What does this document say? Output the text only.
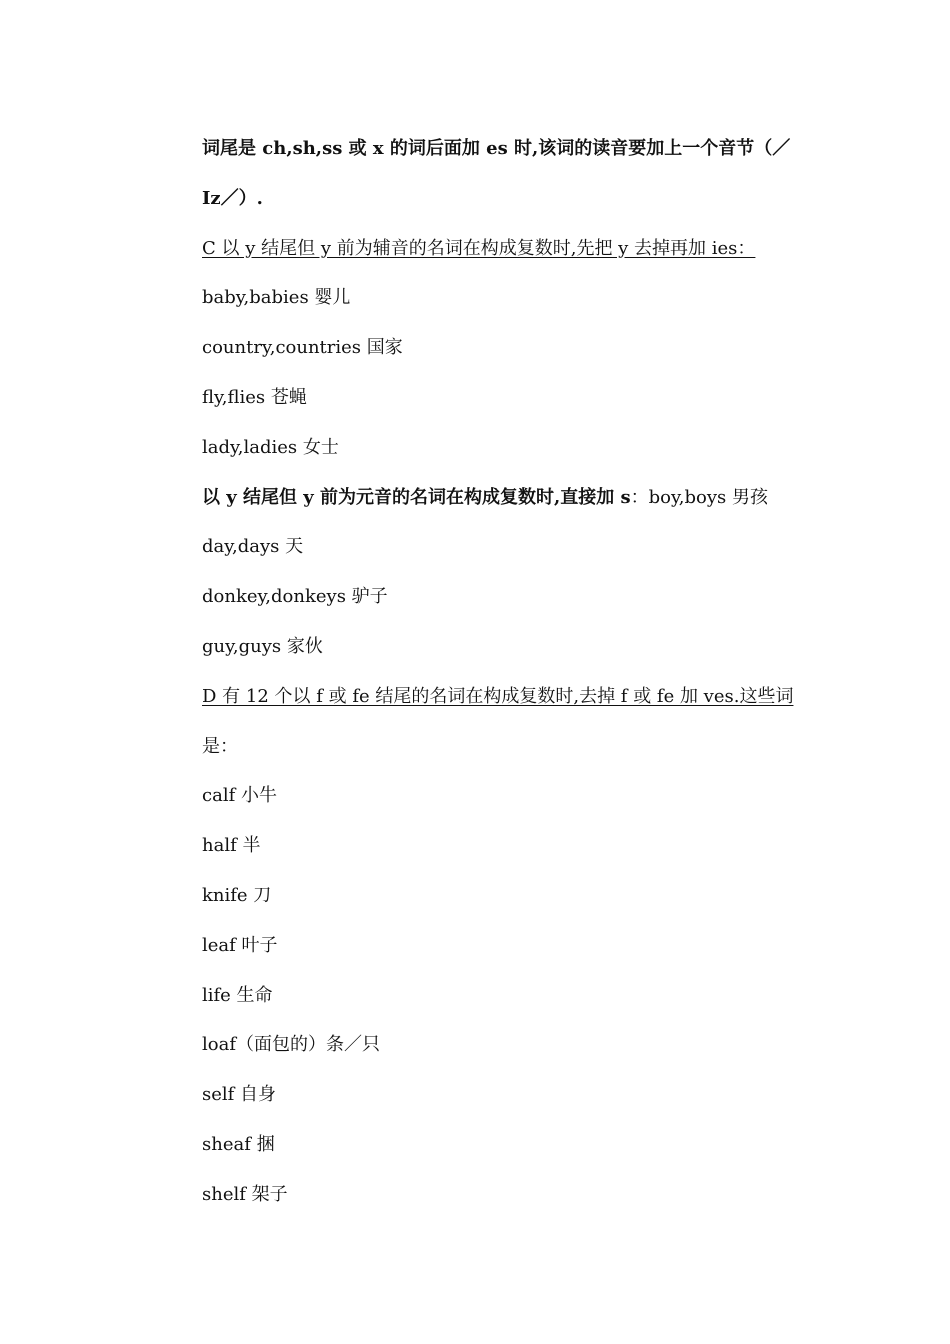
词尾是 ch,sh,ss 或 x 的词后面加 es 时,该词的读音要加上一个音节（／
Iz／）.
C 以 y 结尾但 y 前为辅音的名词在构成复数时,先把 y 去掉再加 ies：
baby,babies 婴儿
country,countries 国家
fly,flies 苍蝇
lady,ladies 女士
以 y 结尾但 y 前为元音的名词在构成复数时,直接加 s：boy,boys 男孩
day,days 天
donkey,donkeys 驴子
guy,guys 家伙
D 有 12 个以 f 或 fe 结尾的名词在构成复数时,去掉 f 或 fe 加 ves.这些词
是：
calf 小牛
half 半
knife 刀
leaf 叶子
life 生命
loaf（面包的）条／只
self 自身
sheaf 捆
shelf 架子
